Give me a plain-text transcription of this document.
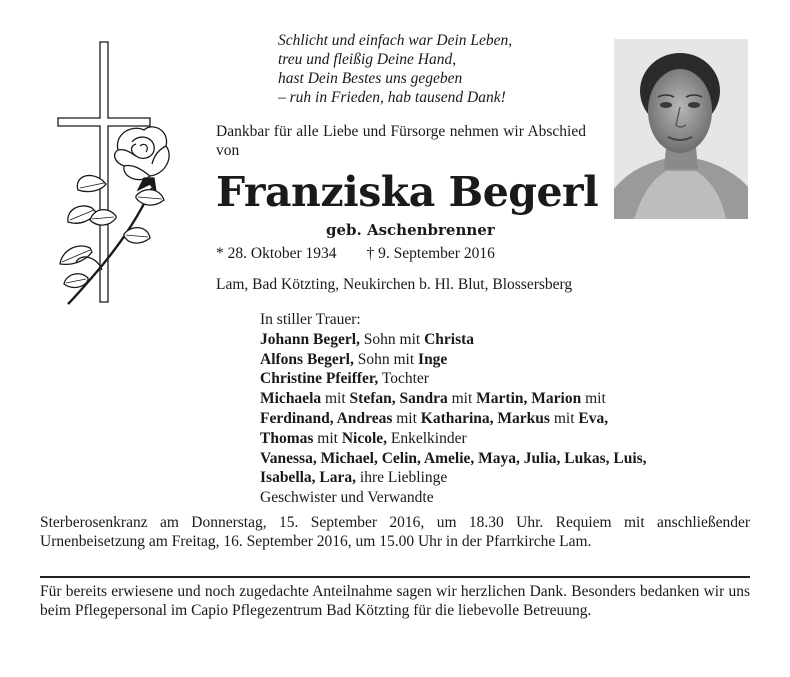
Schlicht und einfach war Dein Leben,
treu und fleißig Deine Hand,
hast Dein Bestes uns gegeben
– ruh in Frieden, hab tausend Dank!
Dankbar für alle Liebe und Fürsorge nehmen wir Abschied von
Franziska Begerl
geb. Aschenbrenner
* 28. Oktober 1934 † 9. September 2016
Lam, Bad Kötzting, Neukirchen b. Hl. Blut, Blossersberg
In stiller Trauer:
Johann Begerl, Sohn mit Christa
Alfons Begerl, Sohn mit Inge
Christine Pfeiffer, Tochter
Michaela mit Stefan, Sandra mit Martin, Marion mit
Ferdinand, Andreas mit Katharina, Markus mit Eva,
Thomas mit Nicole, Enkelkinder
Vanessa, Michael, Celin, Amelie, Maya, Julia, Lukas, Luis,
Isabella, Lara, ihre Lieblinge
Geschwister und Verwandte
Sterberosenkranz am Donnerstag, 15. September 2016, um 18.30 Uhr. Requiem mit anschließender Urnenbeisetzung am Freitag, 16. September 2016, um 15.00 Uhr in der Pfarrkirche Lam.
Für bereits erwiesene und noch zugedachte Anteilnahme sagen wir herzlichen Dank. Besonders bedanken wir uns beim Pflegepersonal im Capio Pflegezentrum Bad Kötzting für die liebevolle Betreuung.
